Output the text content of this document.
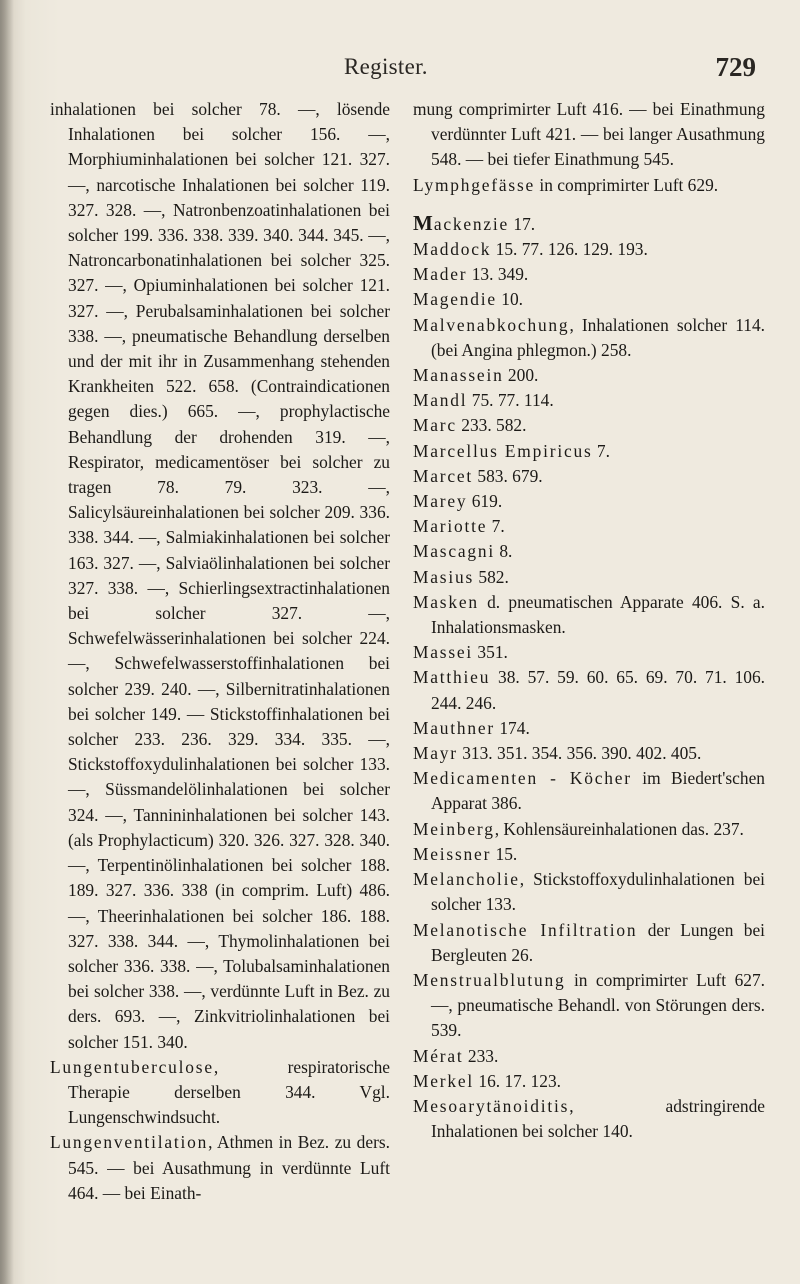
Register.	729

inhalationen bei solcher 78. —, lösende Inhalationen bei solcher 156. —, Morphiuminhalationen bei solcher 121. 327. —, narcotische Inhalationen bei solcher 119. 327. 328. —, Natronbenzoatinhalationen bei solcher 199. 336. 338. 339. 340. 344. 345. —, Natroncarbonatinhalationen bei solcher 325. 327. —, Opiuminhalationen bei solcher 121. 327. —, Perubalsaminhalationen bei solcher 338. —, pneumatische Behandlung derselben und der mit ihr in Zusammenhang stehenden Krankheiten 522. 658. (Contraindicationen gegen dies.) 665. —, prophylactische Behandlung der drohenden 319. —, Respirator, medicamentöser bei solcher zu tragen 78. 79. 323. —, Salicylsäureinhalationen bei solcher 209. 336. 338. 344. —, Salmiakinhalationen bei solcher 163. 327. —, Salviaölinhalationen bei solcher 327. 338. —, Schierlingsextractinhalationen bei solcher 327. —, Schwefelwässerinhalationen bei solcher 224. —, Schwefelwasserstoffinhalationen bei solcher 239. 240. —, Silbernitratinhalationen bei solcher 149. — Stickstoffinhalationen bei solcher 233. 236. 329. 334. 335. —, Stickstoffoxydulinhalationen bei solcher 133. —, Süssmandelölinhalationen bei solcher 324. —, Tannininhalationen bei solcher 143. (als Prophylacticum) 320. 326. 327. 328. 340. —, Terpentinölinhalationen bei solcher 188. 189. 327. 336. 338 (in comprim. Luft) 486. —, Theerinhalationen bei solcher 186. 188. 327. 338. 344. —, Thymolinhalationen bei solcher 336. 338. —, Tolubalsaminhalationen bei solcher 338. —, verdünnte Luft in Bez. zu ders. 693. —, Zinkvitriolinhalationen bei solcher 151. 340.

Lungentuberculose, respiratorische Therapie derselben 344. Vgl. Lungenschwindsucht.

Lungenventilation, Athmen in Bez. zu ders. 545. — bei Ausathmung in verdünnte Luft 464. — bei Einath-

mung comprimirter Luft 416. — bei Einathmung verdünnter Luft 421. — bei langer Ausathmung 548. — bei tiefer Einathmung 545.

Lymphgefässe in comprimirter Luft 629.

Mackenzie 17.

Maddock 15. 77. 126. 129. 193.

Mader 13. 349.

Magendie 10.

Malvenabkochung, Inhalationen solcher 114. (bei Angina phlegmon.) 258.

Manassein 200.

Mandl 75. 77. 114.

Marc 233. 582.

Marcellus Empiricus 7.

Marcet 583. 679.

Marey 619.

Mariotte 7.

Mascagni 8.

Masius 582.

Masken d. pneumatischen Apparate 406. S. a. Inhalationsmasken.

Massei 351.

Matthieu 38. 57. 59. 60. 65. 69. 70. 71. 106. 244. 246.

Mauthner 174.

Mayr 313. 351. 354. 356. 390. 402. 405.

Medicamenten - Köcher im Biedert'schen Apparat 386.

Meinberg, Kohlensäureinhalationen das. 237.

Meissner 15.

Melancholie, Stickstoffoxydulinhalationen bei solcher 133.

Melanotische Infiltration der Lungen bei Bergleuten 26.

Menstrualblutung in comprimirter Luft 627. —, pneumatische Behandl. von Störungen ders. 539.

Mérat 233.

Merkel 16. 17. 123.

Mesoarytänoiditis, adstringirende Inhalationen bei solcher 140.
